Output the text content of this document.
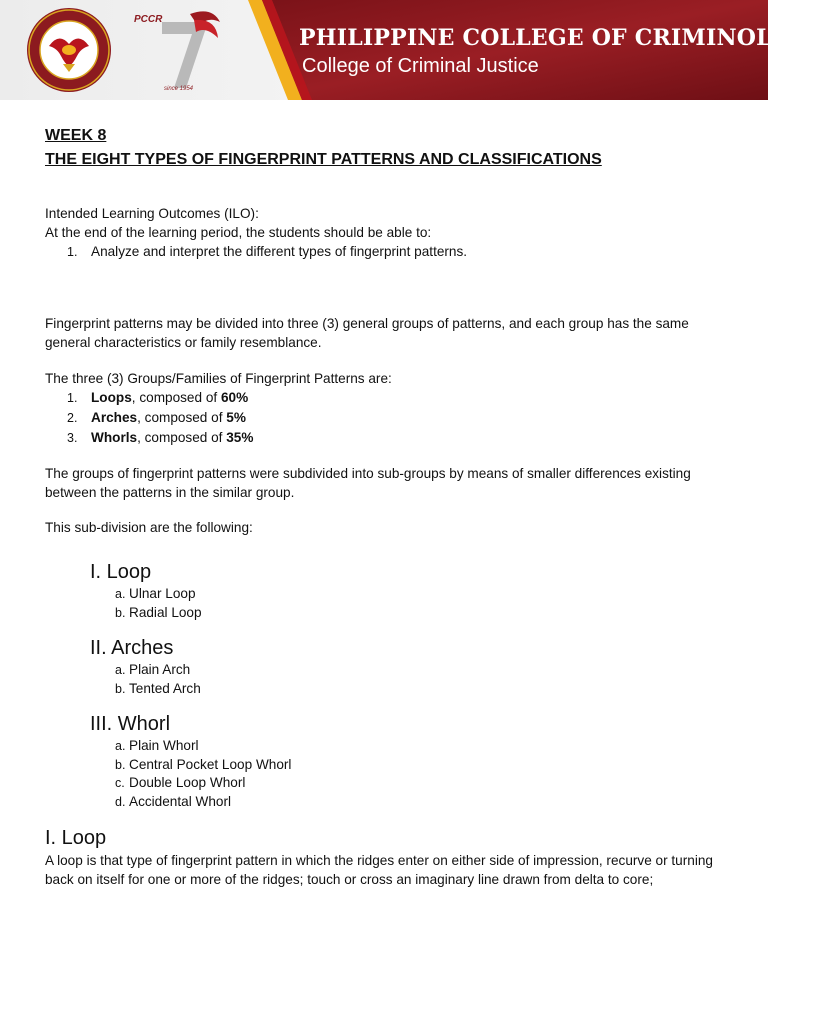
PCCR
since 1954
PHILIPPINE COLLEGE OF CRIMINOLOGY
College of Criminal Justice

WEEK 8

THE EIGHT TYPES OF FINGERPRINT PATTERNS AND CLASSIFICATIONS

Intended Learning Outcomes (ILO):

At the end of the learning period, the students should be able to:

1. Analyze and interpret the different types of fingerprint patterns.

Fingerprint patterns may be divided into three (3) general groups of patterns, and each group has the same general characteristics or family resemblance.

The three (3) Groups/Families of Fingerprint Patterns are:

1. Loops, composed of 60%
2. Arches, composed of 5%
3. Whorls, composed of 35%

The groups of fingerprint patterns were subdivided into sub-groups by means of smaller differences existing between the patterns in the similar group.

This sub-division are the following:

I. Loop

a. Ulnar Loop
b. Radial Loop

II. Arches

a. Plain Arch
b. Tented Arch

III. Whorl

a. Plain Whorl
b. Central Pocket Loop Whorl
c. Double Loop Whorl
d. Accidental Whorl

I. Loop

A loop is that type of fingerprint pattern in which the ridges enter on either side of impression, recurve or turning back on itself for one or more of the ridges; touch or cross an imaginary line drawn from delta to core;
